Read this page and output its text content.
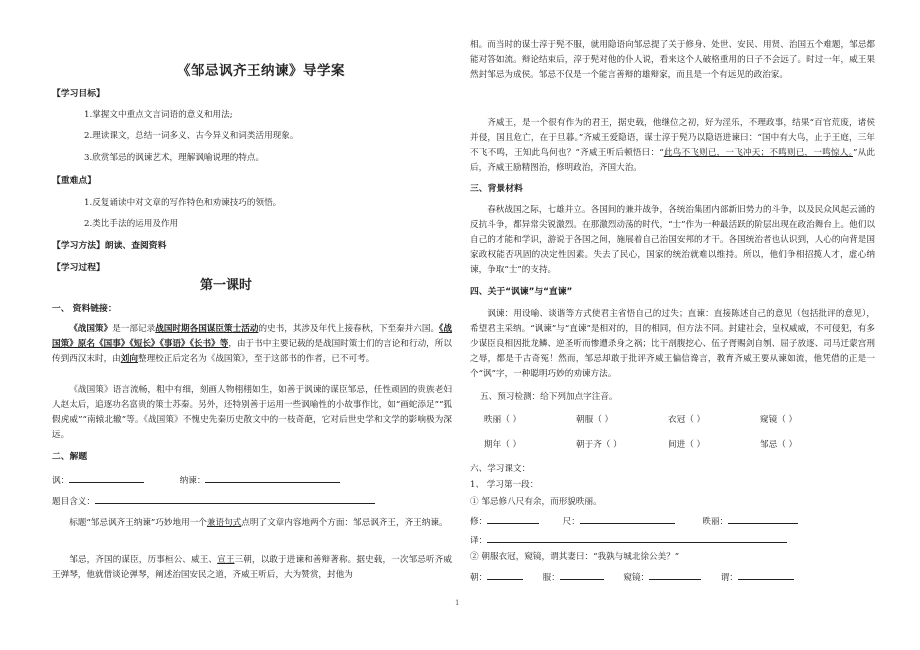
《邹忌讽齐王纳谏》导学案
【学习目标】
1.掌握文中重点文言词语的意义和用法;
2.理读课文，总结一词多义、古今异义和词类活用现象。
3.欣赏邹忌的讽谏艺术，理解讽喻说理的特点。
【重难点】
1.反复诵读中对文章的写作特色和劝谏技巧的领悟。
2.类比手法的运用及作用
【学习方法】朗读、查阅资料
【学习过程】
第一课时
一、 资料链接：

《战国策》是一部记录战国时期各国谋臣策士活动的史书，其涉及年代上接春秋，下至秦并六国。《战国策》原名《国事》《短长》《事语》《长书》等，由于书中主要记载的是战国时策士们的言论和行动，所以传到西汉末时，由刘向整理校正后定名为《战国策》，至于这部书的作者，已不可考。

《战国策》语言流畅，粗中有细，刻画人物栩栩如生，如善于讽谏的谋臣邹忌，任性顽固的贵族老妇人赵太后，追逐功名富贵的策士苏秦。另外，还特别善于运用一些讽喻性的小故事作比，如“画蛇添足”“狐假虎威”“南辕北辙”等。《战国策》不愧史先秦历史散文中的一枝奇葩，它对后世史学和文学的影响极为深远。

二、解题
讽：	纳谏：
题目含义：

标题“邹忌讽齐王纳谏”巧妙地用一个兼语句式点明了文章内容地两个方面：邹忌讽齐王，齐王纳谏。

邹忌，齐国的谋臣，历事桓公、威王、宣王三朝，以敢于进谏和善辩著称。据史载，一次邹忌听齐威王弹琴，他就借谈论弹琴，阐述治国安民之道，齐威王听后，大为赞赏，封他为

相。而当时的谋士淳于髡不服，就用隐语向邹忌提了关于修身、处世、安民、用贤、治国五个难题，邹忌都能对答如流。辩论结束后，淳于髡对他的仆人说，看来这个人破格重用的日子不会远了。时过一年，威王果然封邹忌为成侯。邹忌不仅是一个能言善辩的雄辩家，而且是一个有远见的政治家。

齐威王，是一个很有作为的君王，据史载，他继位之初，好为淫乐，不理政事，结果“百官荒废，诸侯并侵，国且危亡，在于旦暮。”齐威王爱隐语，谋士淳于髡乃以隐语进谏曰：“国中有大鸟，止于王庭，三年不飞不鸣，王知此鸟何也？”齐威王听后顿悟曰：“此鸟不飞则已，一飞冲天；不鸣则已，一鸣惊人。”从此后，齐威王励精图治，修明政治，齐国大治。

三、背景材料

春秋战国之际，七雄并立。各国间的兼并战争，各统治集团内部新旧势力的斗争，以及民众风起云涌的反抗斗争，都异常尖锐激烈。在那激烈动荡的时代，“士”作为一种最活跃的阶层出现在政治舞台上。他们以自己的才能和学识，游说于各国之间，施展着自己治国安邦的才干。各国统治者也认识到，人心的向背是国家政权能否巩固的决定性因素。失去了民心，国家的统治就难以维持。所以，他们争相招揽人才，虚心纳谏，争取“士”的支持。

四、关于“讽谏”与“直谏”

讽谏：用设喻、谈谐等方式使君主省悟自己的过失；直谏：直接陈述自己的意见（包括批评的意见），希望君主采纳。“讽谏”与“直谏”是相对的，目的相同，但方法不同。封建社会，皇权威威，不可侵犯，有多少谋臣良相因批龙鳞、逆圣听而惨遭杀身之祸；比干剖腹挖心、伍子胥赐剑自刎、屈子放逐、司马迁蒙宫刑之辱，都是千古奇冤！然而，邹忌却敢于批评齐威王偏信谗言，教育齐威王要从谏如流，他凭借的正是一个“讽”字，一种聪明巧妙的劝谏方法。

五、预习检测：给下列加点字注音。
昳丽（ ）	朝服（ ）	衣冠（ ）	窥镜（ ）
期年（ ）	朝于齐（ ）	间进（ ）	邹忌（ ）
六、学习课文：
1、 学习第一段：
① 邹忌修八尺有余，而形貌昳丽。
修：	尺：	昳丽：
译：
② 朝服衣冠，窥镜，谓其妻曰：“我孰与城北徐公美？”
朝：	服：	窥镜：	谓：
1
